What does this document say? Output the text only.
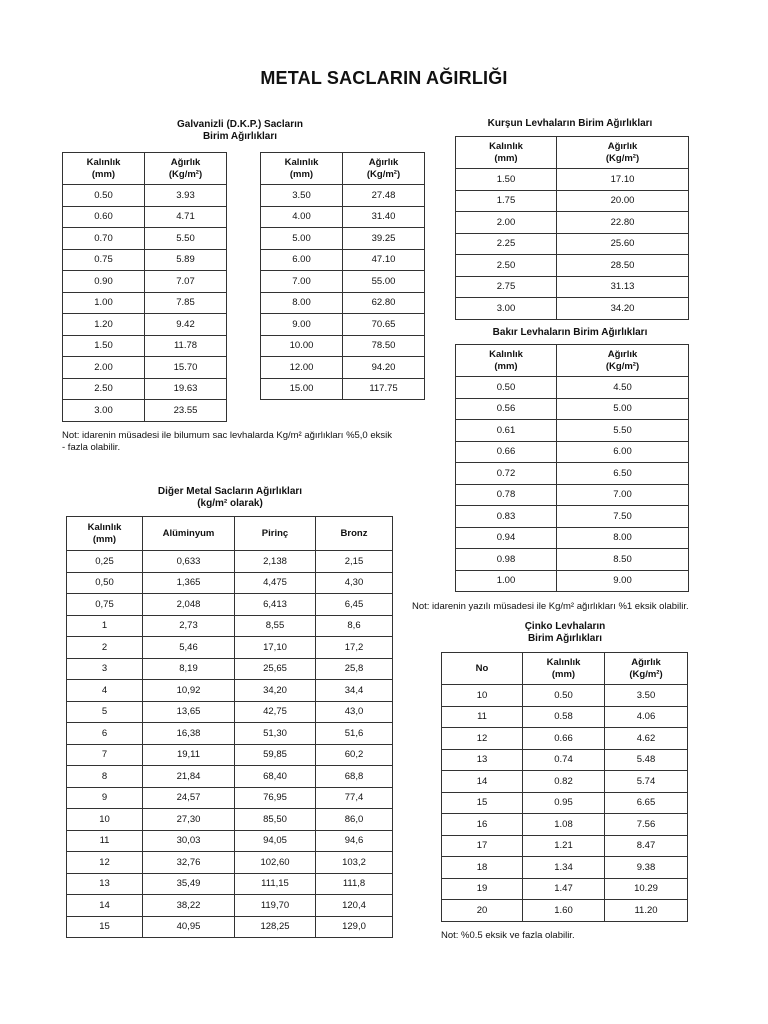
METAL SACLARIN AĞIRLIĞI
Galvanizli (D.K.P.) Sacların
Birim Ağırlıkları
Kalınlık
(mm)	Ağırlık
(Kg/m²)
0.50	3.93
0.60	4.71
0.70	5.50
0.75	5.89
0.90	7.07
1.00	7.85
1.20	9.42
1.50	11.78
2.00	15.70
2.50	19.63
3.00	23.55
Kalınlık
(mm)	Ağırlık
(Kg/m²)
3.50	27.48
4.00	31.40
5.00	39.25
6.00	47.10
7.00	55.00
8.00	62.80
9.00	70.65
10.00	78.50
12.00	94.20
15.00	117.75
Not: idarenin müsadesi ile bilumum sac levhalarda Kg/m² ağırlıkları %5,0 eksik
- fazla olabilir.
Kurşun Levhaların Birim Ağırlıkları
Kalınlık
(mm)	Ağırlık
(Kg/m²)
1.50	17.10
1.75	20.00
2.00	22.80
2.25	25.60
2.50	28.50
2.75	31.13
3.00	34.20
Bakır Levhaların Birim Ağırlıkları
Kalınlık
(mm)	Ağırlık
(Kg/m²)
0.50	4.50
0.56	5.00
0.61	5.50
0.66	6.00
0.72	6.50
0.78	7.00
0.83	7.50
0.94	8.00
0.98	8.50
1.00	9.00
Not: idarenin yazılı müsadesi ile Kg/m² ağırlıkları %1 eksik olabilir.
Diğer Metal Sacların Ağırlıkları
(kg/m² olarak)
Kalınlık
(mm)	Alüminyum	Pirinç	Bronz
0,25	0,633	2,138	2,15
0,50	1,365	4,475	4,30
0,75	2,048	6,413	6,45
1	2,73	8,55	8,6
2	5,46	17,10	17,2
3	8,19	25,65	25,8
4	10,92	34,20	34,4
5	13,65	42,75	43,0
6	16,38	51,30	51,6
7	19,11	59,85	60,2
8	21,84	68,40	68,8
9	24,57	76,95	77,4
10	27,30	85,50	86,0
11	30,03	94,05	94,6
12	32,76	102,60	103,2
13	35,49	111,15	111,8
14	38,22	119,70	120,4
15	40,95	128,25	129,0
Çinko Levhaların
Birim Ağırlıkları
No	Kalınlık
(mm)	Ağırlık
(Kg/m²)
10	0.50	3.50
11	0.58	4.06
12	0.66	4.62
13	0.74	5.48
14	0.82	5.74
15	0.95	6.65
16	1.08	7.56
17	1.21	8.47
18	1.34	9.38
19	1.47	10.29
20	1.60	11.20
Not: %0.5 eksik ve fazla olabilir.
